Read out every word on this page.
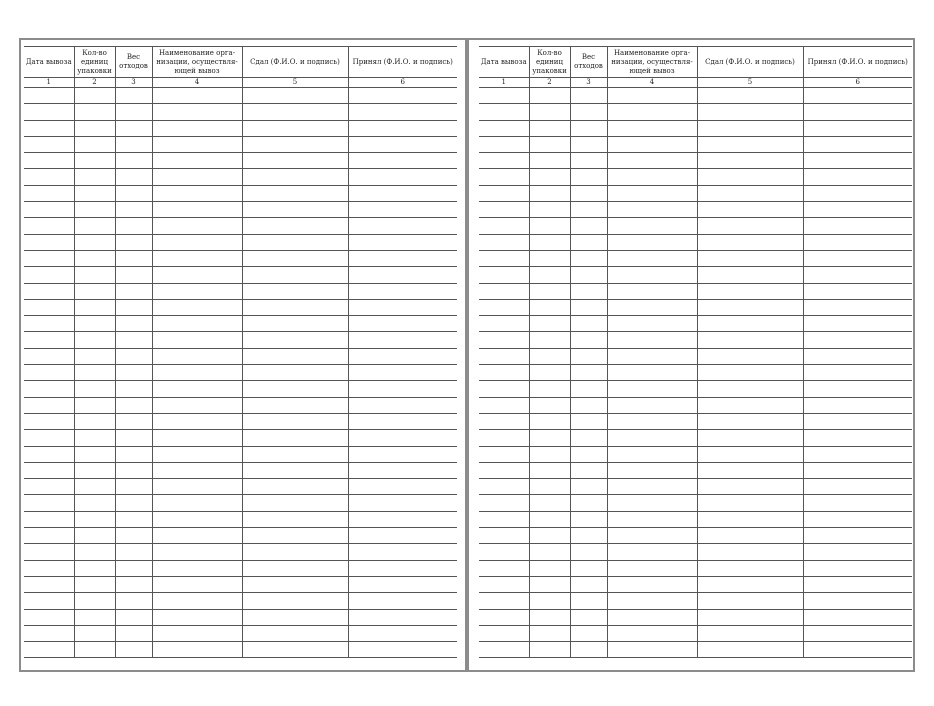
Дата вывоза	Кол-во единиц упаковки	Вес отходов	Наименование орга-низации, осуществля-ющей вывоз	Сдал (Ф.И.О. и подпись)	Принял (Ф.И.О. и подпись)
1	2	3	4	5	6

Дата вывоза	Кол-во единиц упаковки	Вес отходов	Наименование орга-низации, осуществля-ющей вывоз	Сдал (Ф.И.О. и подпись)	Принял (Ф.И.О. и подпись)
1	2	3	4	5	6
